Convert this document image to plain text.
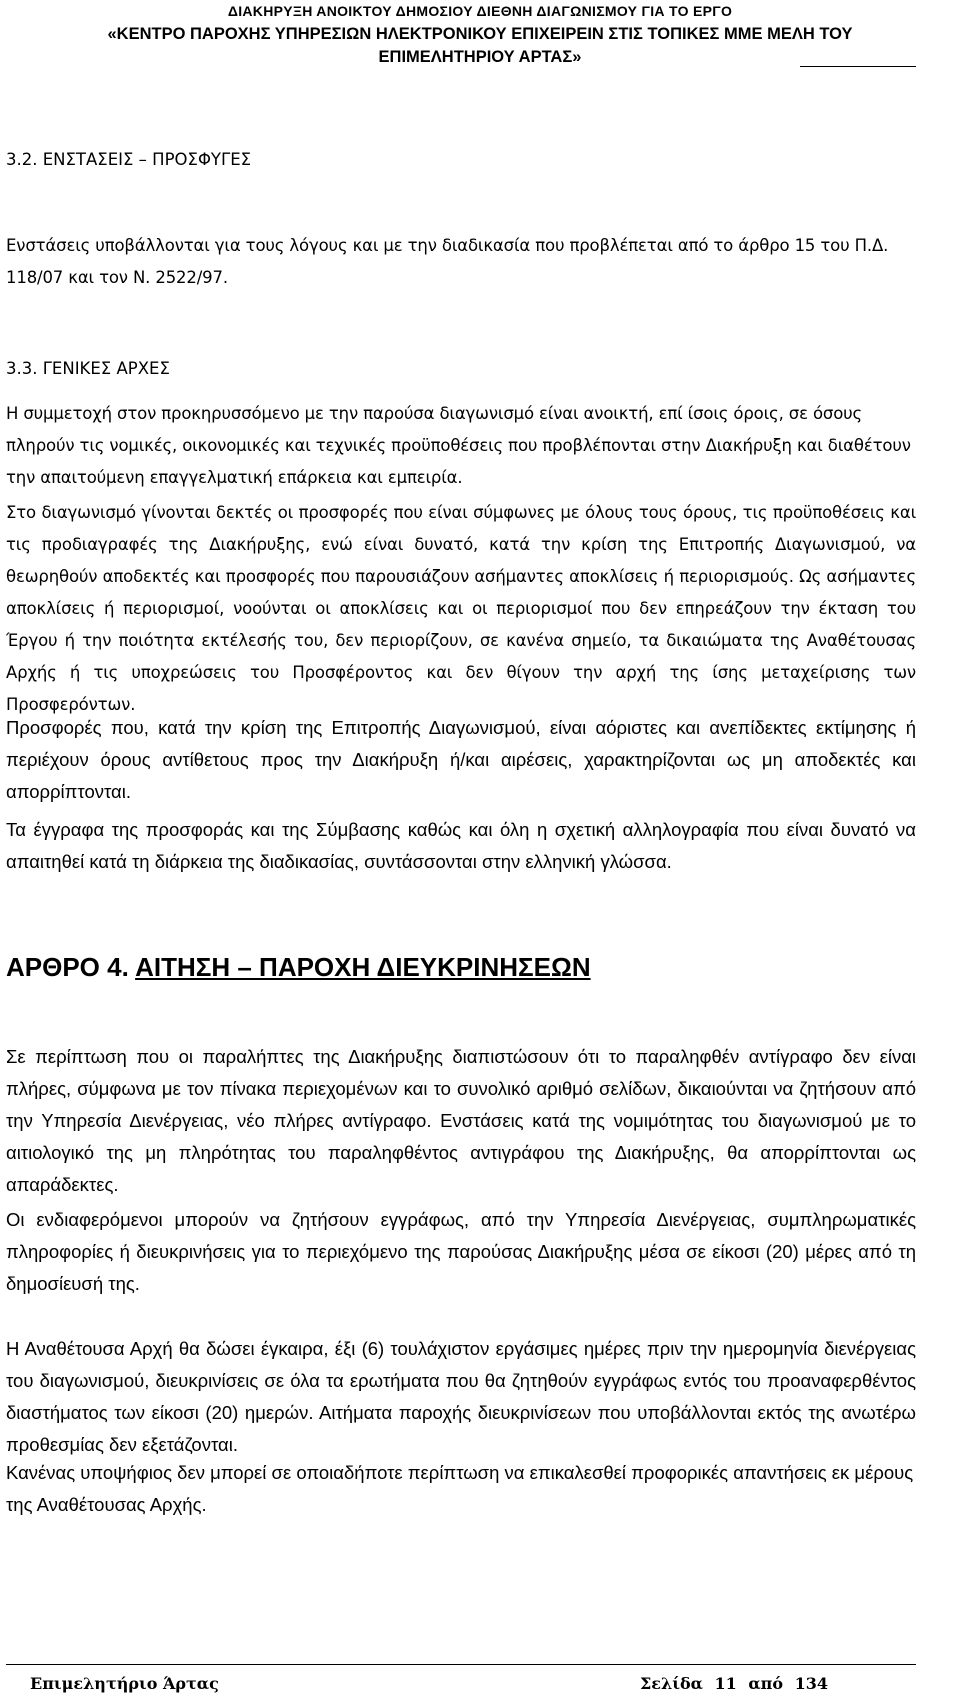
ΔΙΑΚΗΡΥΞΗ ΑΝΟΙΚΤΟΥ ΔΗΜΟΣΙΟΥ ΔΙΕΘΝΗ ΔΙΑΓΩΝΙΣΜΟΥ ΓΙΑ ΤΟ ΕΡΓΟ
«ΚΕΝΤΡΟ ΠΑΡΟΧΗΣ ΥΠΗΡΕΣΙΩΝ ΗΛΕΚΤΡΟΝΙΚΟΥ ΕΠΙΧΕΙΡΕΙΝ ΣΤΙΣ ΤΟΠΙΚΕΣ ΜΜΕ ΜΕΛΗ ΤΟΥ
ΕΠΙΜΕΛΗΤΗΡΙΟΥ ΑΡΤΑΣ»
3.2. ΕΝΣΤΑΣΕΙΣ – ΠΡΟΣΦΥΓΕΣ

Ενστάσεις υποβάλλονται για τους λόγους και με την διαδικασία που προβλέπεται από το άρθρο 15 του Π.Δ. 118/07 και τον Ν. 2522/97.

3.3. ΓΕΝΙΚΕΣ ΑΡΧΕΣ

Η συμμετοχή στον προκηρυσσόμενο με την παρούσα διαγωνισμό είναι ανοικτή, επί ίσοις όροις, σε όσους πληρούν τις νομικές, οικονομικές και τεχνικές προϋποθέσεις που προβλέπονται στην Διακήρυξη και διαθέτουν την απαιτούμενη επαγγελματική επάρκεια και εμπειρία.

Στο διαγωνισμό γίνονται δεκτές οι προσφορές που είναι σύμφωνες με όλους τους όρους, τις προϋποθέσεις και τις προδιαγραφές της Διακήρυξης, ενώ είναι δυνατό, κατά την κρίση της Επιτροπής Διαγωνισμού, να θεωρηθούν αποδεκτές και προσφορές που παρουσιάζουν ασήμαντες αποκλίσεις ή περιορισμούς. Ως ασήμαντες αποκλίσεις ή περιορισμοί, νοούνται οι αποκλίσεις και οι περιορισμοί που δεν επηρεάζουν την έκταση του Έργου ή την ποιότητα εκτέλεσής του, δεν περιορίζουν, σε κανένα σημείο, τα δικαιώματα της Αναθέτουσας Αρχής ή τις υποχρεώσεις του Προσφέροντος και δεν θίγουν την αρχή της ίσης μεταχείρισης των Προσφερόντων.

Προσφορές που, κατά την κρίση της Επιτροπής Διαγωνισμού, είναι αόριστες και ανεπίδεκτες εκτίμησης ή περιέχουν όρους αντίθετους προς την Διακήρυξη ή/και αιρέσεις, χαρακτηρίζονται ως μη αποδεκτές και απορρίπτονται.

Τα έγγραφα της προσφοράς και της Σύμβασης καθώς και όλη η σχετική αλληλογραφία που είναι δυνατό να απαιτηθεί κατά τη διάρκεια της διαδικασίας, συντάσσονται στην ελληνική γλώσσα.

ΑΡΘΡΟ 4. ΑΙΤΗΣΗ – ΠΑΡΟΧΗ ΔΙΕΥΚΡΙΝΗΣΕΩΝ

Σε περίπτωση που οι παραλήπτες της Διακήρυξης διαπιστώσουν ότι το παραληφθέν αντίγραφο δεν είναι πλήρες, σύμφωνα με τον πίνακα περιεχομένων και το συνολικό αριθμό σελίδων, δικαιούνται να ζητήσουν από την Υπηρεσία Διενέργειας, νέο πλήρες αντίγραφο. Ενστάσεις κατά της νομιμότητας του διαγωνισμού με το αιτιολογικό της μη πληρότητας του παραληφθέντος αντιγράφου της Διακήρυξης, θα απορρίπτονται ως απαράδεκτες.

Οι ενδιαφερόμενοι μπορούν να ζητήσουν εγγράφως, από την Υπηρεσία Διενέργειας, συμπληρωματικές πληροφορίες ή διευκρινήσεις για το περιεχόμενο της παρούσας Διακήρυξης μέσα σε είκοσι (20) μέρες από τη δημοσίευσή της.

Η Αναθέτουσα Αρχή θα δώσει έγκαιρα, έξι (6) τουλάχιστον εργάσιμες ημέρες πριν την ημερομηνία διενέργειας του διαγωνισμού, διευκρινίσεις σε όλα τα ερωτήματα που θα ζητηθούν εγγράφως εντός του προαναφερθέντος διαστήματος των είκοσι (20) ημερών. Αιτήματα παροχής διευκρινίσεων που υποβάλλονται εκτός της ανωτέρω προθεσμίας δεν εξετάζονται.

Κανένας υποψήφιος δεν μπορεί σε οποιαδήποτε περίπτωση να επικαλεσθεί προφορικές απαντήσεις εκ μέρους της Αναθέτουσας Αρχής.

Επιμελητήριο Άρτας	Σελίδα 11 από 134
